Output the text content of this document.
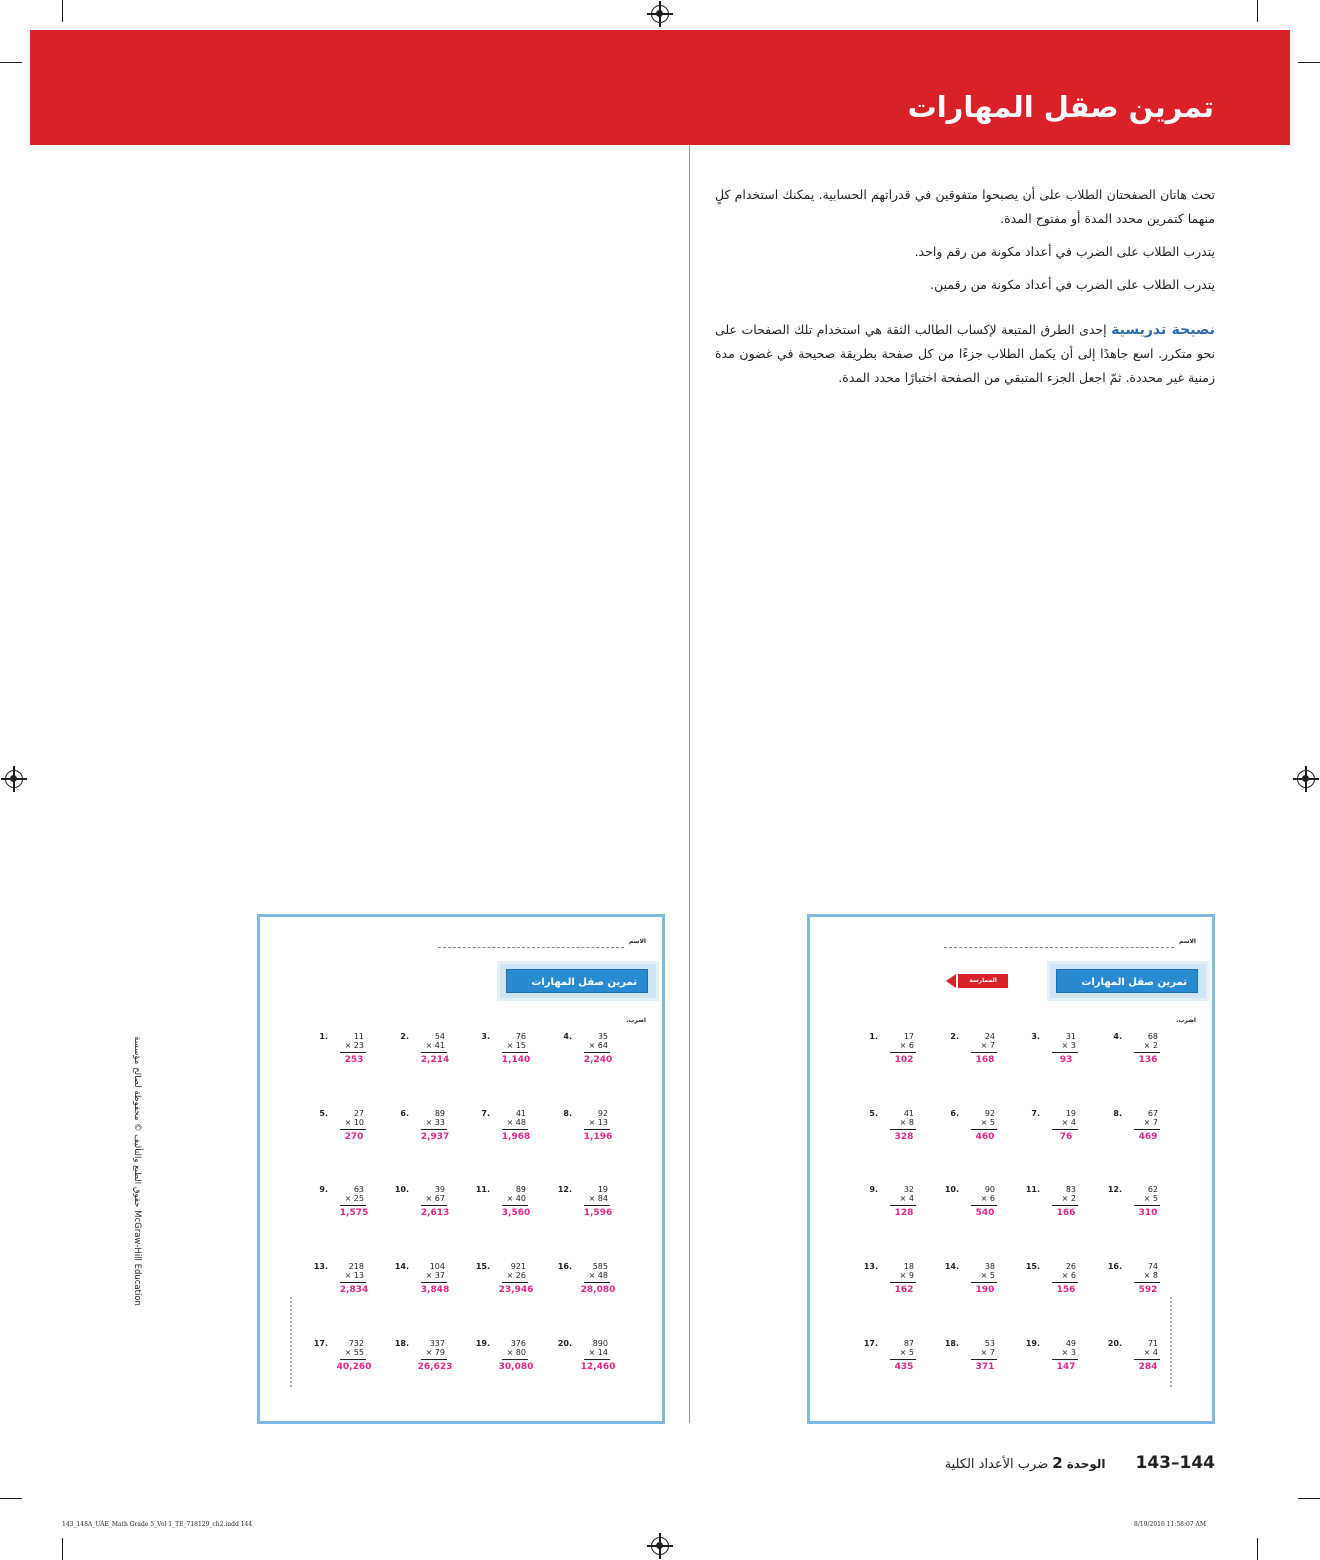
تمرين صقل المهارات
تحث هاتان الصفحتان الطلاب على أن يصبحوا متفوقين في قدراتهم الحسابية. يمكنك استخدام كلٍ منهما كتمرين محدد المدة أو مفتوح المدة.
يتدرب الطلاب على الضرب في أعداد مكونة من رقم واحد.
يتدرب الطلاب على الضرب في أعداد مكونة من رقمين.
نصيحة تدريسية إحدى الطرق المتبعة لإكساب الطالب الثقة هي استخدام تلك الصفحات على نحو متكرر. اسع جاهدًا إلى أن يكمل الطلاب جزءًا من كل صفحة بطريقة صحيحة في غضون مدة زمنية غير محددة. ثمّ اجعل الجزء المتبقي من الصفحة اختبارًا محدد المدة.
حقوق الطبع والتأليف © محفوظة لصالح مؤسسة McGraw-Hill Education
الاسم
تمرين صقل المهارات
اضرب.
1.	11
× 23
253
2.	54
× 41
2,214
3.	76
× 15
1,140
4.	35
× 64
2,240
5.	27
× 10
270
6.	89
× 33
2,937
7.	41
× 48
1,968
8.	92
× 13
1,196
9.	63
× 25
1,575
10.	39
× 67
2,613
11.	89
× 40
3,560
12.	19
× 84
1,596
13.	218
× 13
2,834
14.	104
× 37
3,848
15.	921
× 26
23,946
16.	585
× 48
28,080
17.	732
× 55
40,260
18.	337
× 79
26,623
19.	376
× 80
30,080
20.	890
× 14
12,460
الاسم
الممارسة	تمرين صقل المهارات
اضرب.
1.	17
× 6
102
2.	24
× 7
168
3.	31
× 3
93
4.	68
× 2
136
5.	41
× 8
328
6.	92
× 5
460
7.	19
× 4
76
8.	67
× 7
469
9.	32
× 4
128
10.	90
× 6
540
11.	83
× 2
166
12.	62
× 5
310
13.	18
× 9
162
14.	38
× 5
190
15.	26
× 6
156
16.	74
× 8
592
17.	87
× 5
435
18.	53
× 7
371
19.	49
× 3
147
20.	71
× 4
284
144–143الوحدة2ضرب الأعداد الكلية
143_148A_UAE_Math Grade 5_Vol 1_TE_718129_ch2.indd 144	8/19/2016 11:58:07 AM
